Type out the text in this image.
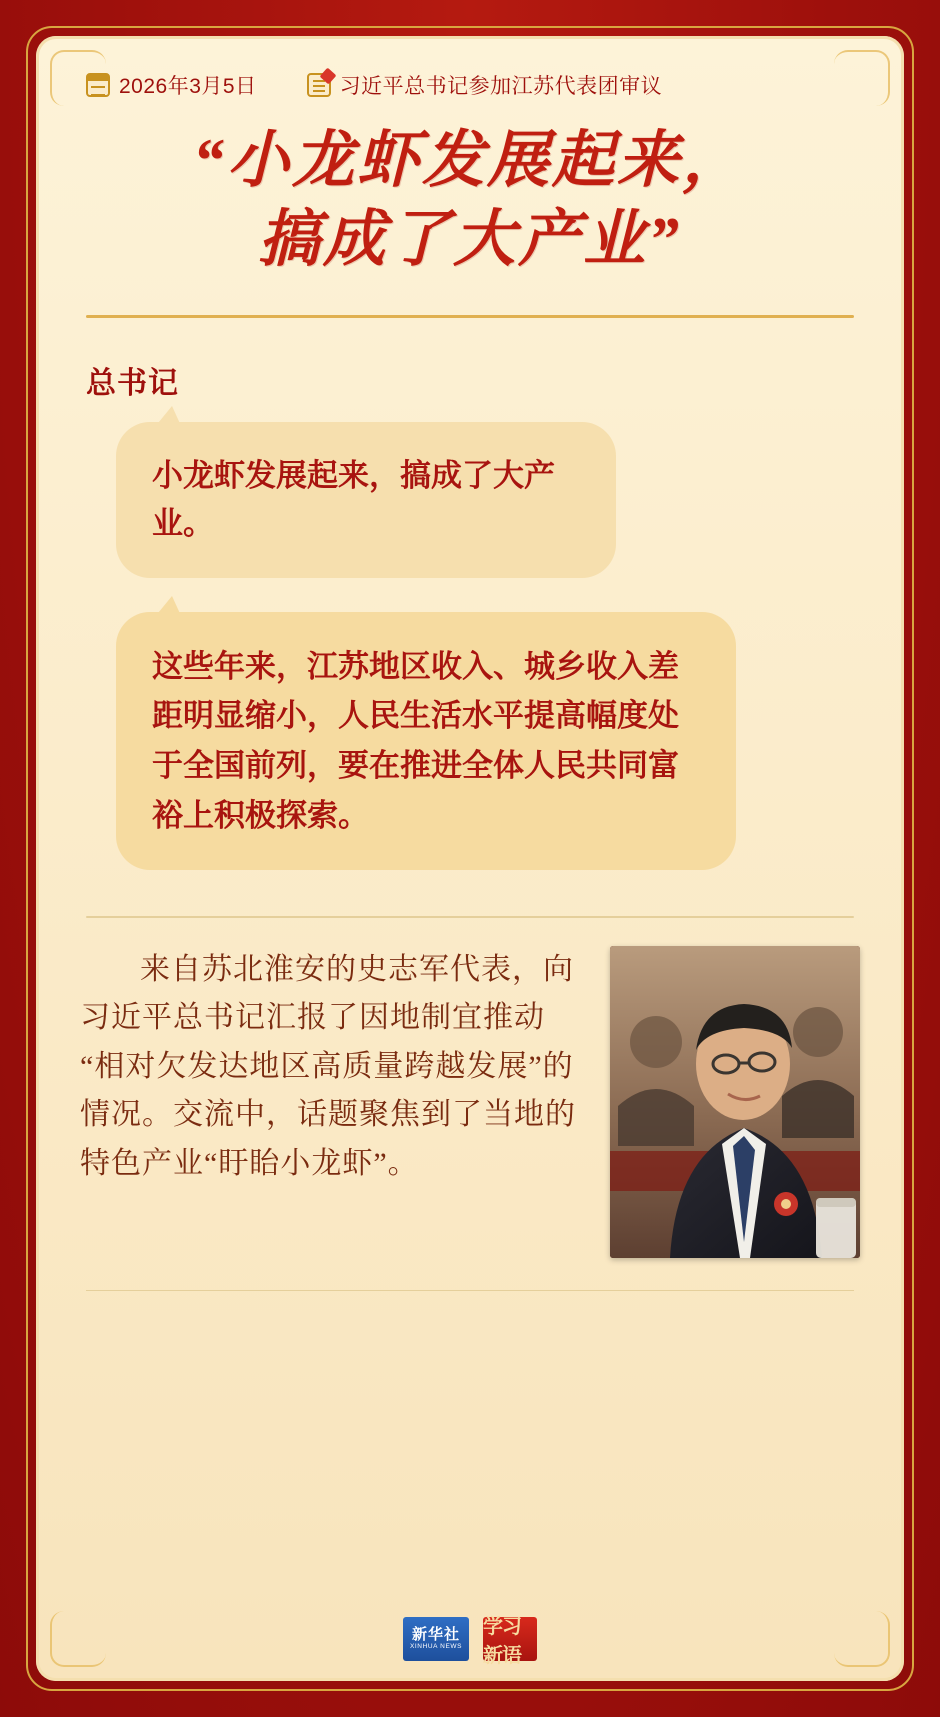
2026年3月5日	习近平总书记参加江苏代表团审议
“小龙虾发展起来，
搞成了大产业”
总书记
小龙虾发展起来，搞成了大产业。
这些年来，江苏地区收入、城乡收入差距明显缩小，人民生活水平提高幅度处于全国前列，要在推进全体人民共同富裕上积极探索。
来自苏北淮安的史志军代表，向习近平总书记汇报了因地制宜推动“相对欠发达地区高质量跨越发展”的情况。交流中，话题聚焦到了当地的特色产业“盱眙小龙虾”。
新华社
XINHUA NEWS
学习新语
